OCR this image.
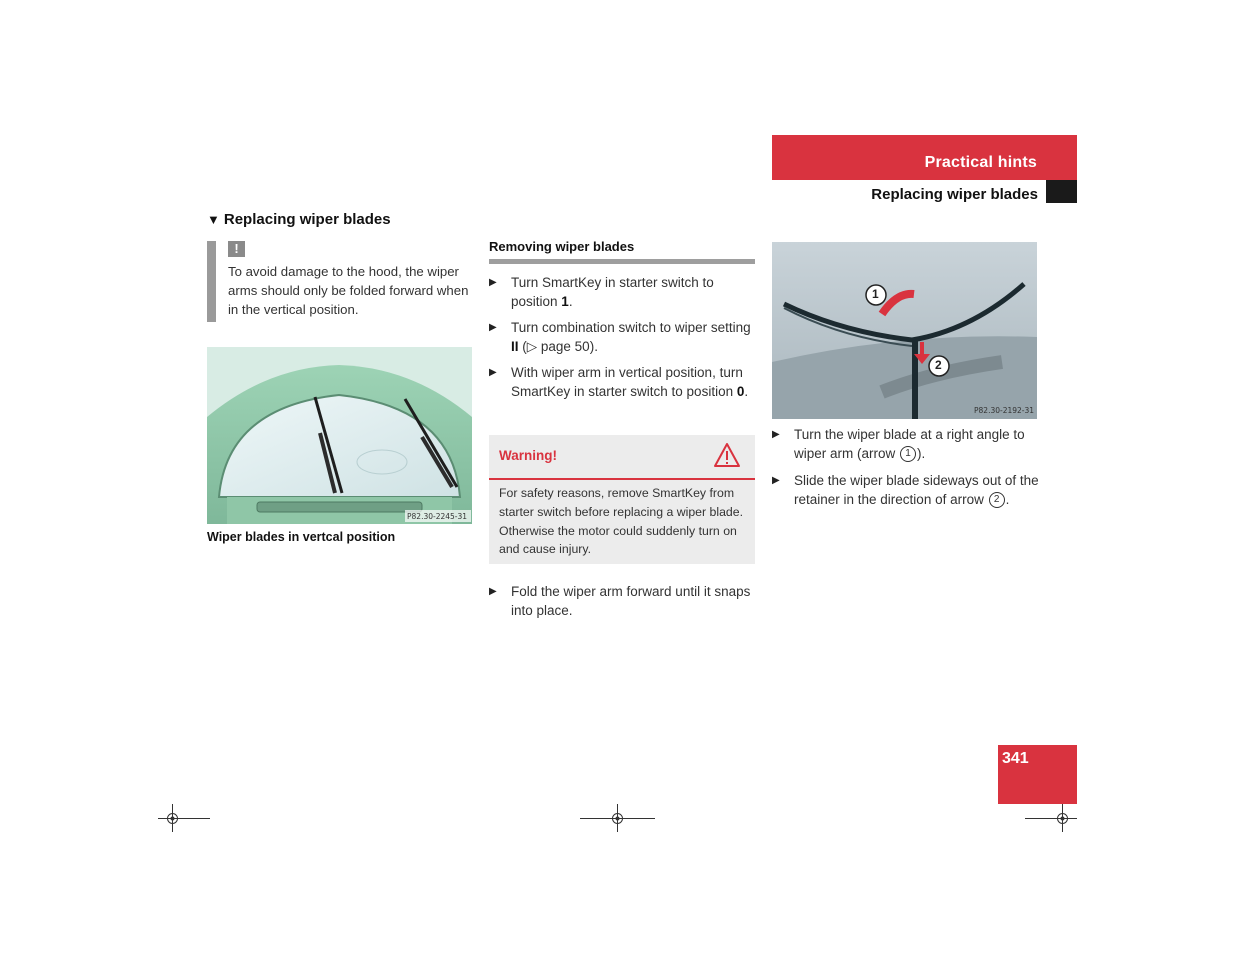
Practical hints
Replacing wiper blades
▼ Replacing wiper blades
!
To avoid damage to the hood, the wiper arms should only be folded forward when in the vertical position.
P82.30-2245-31
Wiper blades in vertcal position
Removing wiper blades
▶ Turn SmartKey in starter switch to position 1.
▶ Turn combination switch to wiper setting II (▷ page 50).
▶ With wiper arm in vertical position, turn SmartKey in starter switch to position 0.
Warning!
For safety reasons, remove SmartKey from starter switch before replacing a wiper blade. Otherwise the motor could suddenly turn on and cause injury.
▶ Fold the wiper arm forward until it snaps into place.
1
2
P82.30-2192-31
▶ Turn the wiper blade at a right angle to wiper arm (arrow 1 ).
▶ Slide the wiper blade sideways out of the retainer in the direction of arrow 2 .
341
